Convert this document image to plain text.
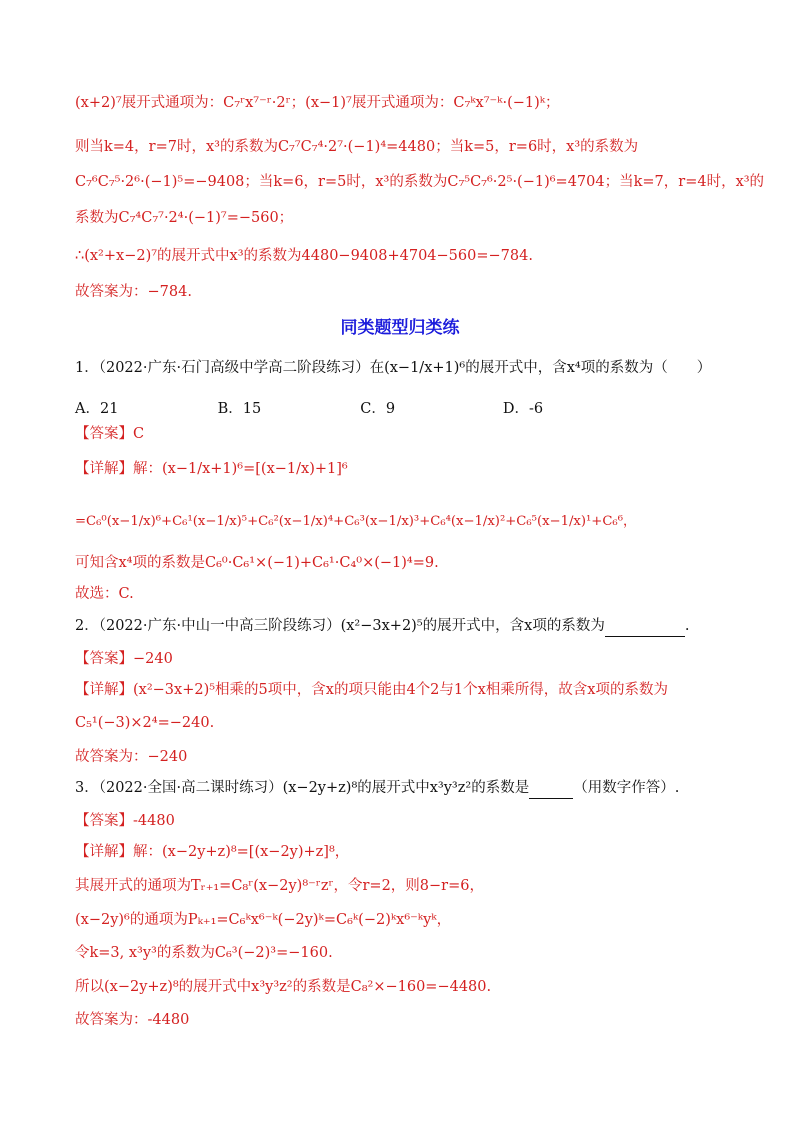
(x+2)⁷展开式通项为：C₇ʳx⁷⁻ʳ·2ʳ；(x−1)⁷展开式通项为：C₇ᵏx⁷⁻ᵏ·(−1)ᵏ；
则当k=4，r=7时，x³的系数为C₇⁷C₇⁴·2⁷·(−1)⁴=4480；当k=5，r=6时，x³的系数为
C₇⁶C₇⁵·2⁶·(−1)⁵=−9408；当k=6，r=5时，x³的系数为C₇⁵C₇⁶·2⁵·(−1)⁶=4704；当k=7，r=4时，x³的
系数为C₇⁴C₇⁷·2⁴·(−1)⁷=−560；
∴(x²+x−2)⁷的展开式中x³的系数为4480−9408+4704−560=−784.
故答案为：−784.
同类题型归类练
1．（2022·广东·石门高级中学高二阶段练习）在(x−1/x+1)⁶的展开式中，含x⁴项的系数为（　　）
A．21	B．15	C．9	D．-6
【答案】C
【详解】解：(x−1/x+1)⁶=[(x−1/x)+1]⁶
=C₆⁰(x−1/x)⁶+C₆¹(x−1/x)⁵+C₆²(x−1/x)⁴+C₆³(x−1/x)³+C₆⁴(x−1/x)²+C₆⁵(x−1/x)¹+C₆⁶，
可知含x⁴项的系数是C₆⁰·C₆¹×(−1)+C₆¹·C₄⁰×(−1)⁴=9.
故选：C.
2．（2022·广东·中山一中高三阶段练习）(x²−3x+2)⁵的展开式中，含x项的系数为	.
【答案】−240
【详解】(x²−3x+2)⁵相乘的5项中，含x的项只能由4个2与1个x相乘所得，故含x项的系数为
C₅¹(−3)×2⁴=−240.
故答案为：−240
3．（2022·全国·高二课时练习）(x−2y+z)⁸的展开式中x³y³z²的系数是	（用数字作答）.
【答案】-4480
【详解】解：(x−2y+z)⁸=[(x−2y)+z]⁸，
其展开式的通项为Tᵣ₊₁=C₈ʳ(x−2y)⁸⁻ʳzʳ，令r=2，则8−r=6，
(x−2y)⁶的通项为Pₖ₊₁=C₆ᵏx⁶⁻ᵏ(−2y)ᵏ=C₆ᵏ(−2)ᵏx⁶⁻ᵏyᵏ，
令k=3, x³y³的系数为C₆³(−2)³=−160.
所以(x−2y+z)⁸的展开式中x³y³z²的系数是C₈²×−160=−4480.
故答案为：-4480
